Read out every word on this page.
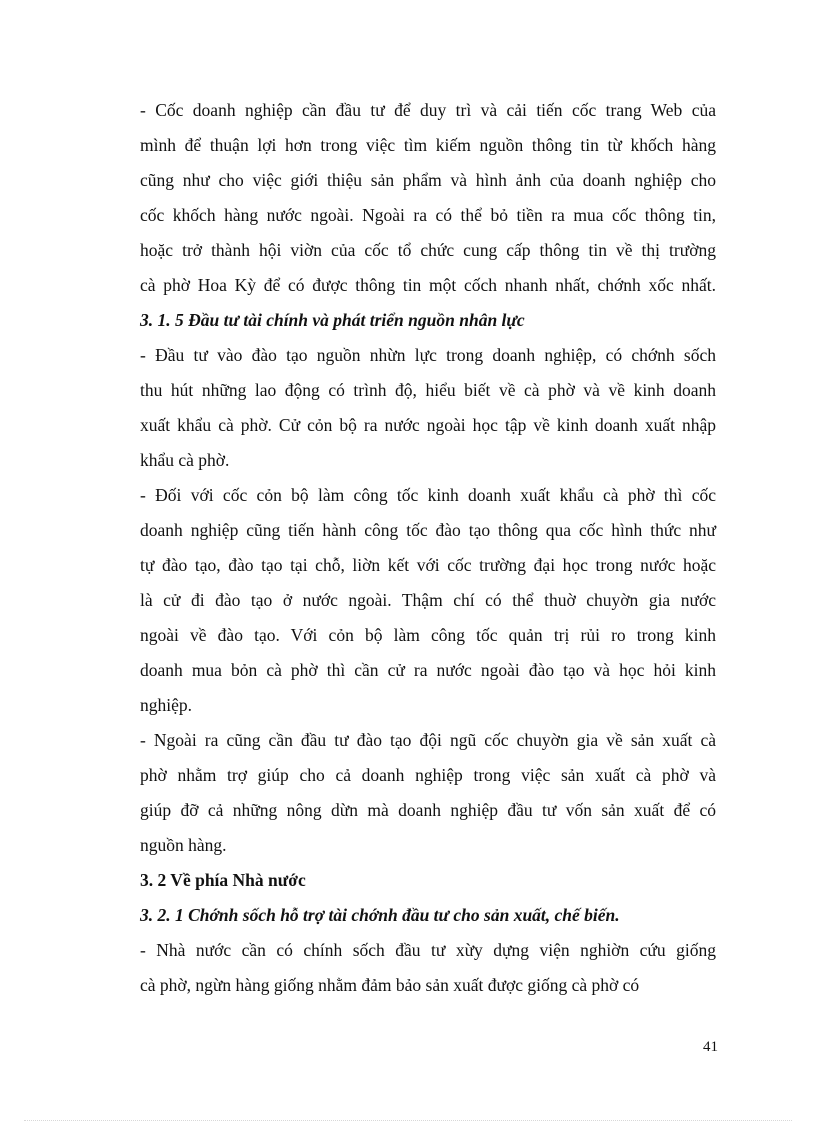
- Cốc doanh nghiệp cần đầu tư để duy trì và cải tiến cốc trang Web của
mình để thuận lợi hơn trong việc tìm kiếm nguồn thông tin từ khốch hàng
cũng như cho việc giới thiệu sản phẩm và hình ảnh của doanh nghiệp cho
cốc khốch hàng nước ngoài. Ngoài ra có thể bỏ tiền ra mua cốc thông tin,
hoặc trở thành hội viờn của cốc tổ chức cung cấp thông tin về thị trường
cà phờ Hoa Kỳ để có được thông tin một cốch nhanh nhất, chớnh xốc nhất.
3. 1. 5 Đầu tư tài chính và phát triển nguồn nhân lực
- Đầu tư vào đào tạo nguồn nhừn lực trong doanh nghiệp, có chớnh sốch
thu hút những lao động có trình độ, hiểu biết về cà phờ và về kinh doanh
xuất khẩu cà phờ. Cử cỏn bộ ra nước ngoài học tập về kinh doanh xuất nhập
khẩu cà phờ.
- Đối với cốc cỏn bộ làm công tốc kinh doanh xuất khẩu cà phờ thì cốc
doanh nghiệp cũng tiến hành công tốc đào tạo thông qua cốc hình thức như
tự đào tạo, đào tạo tại chỗ, liờn kết với cốc trường đại học trong nước hoặc
là cử đi đào tạo ở nước ngoài. Thậm chí có thể thuờ chuyờn gia nước
ngoài về đào tạo. Với cỏn bộ làm công tốc quản trị rủi ro trong kinh
doanh mua bỏn cà phờ thì cần cử ra nước ngoài đào tạo và học hỏi kinh
nghiệp.
- Ngoài ra cũng cần đầu tư đào tạo đội ngũ cốc chuyờn gia về sản xuất cà
phờ nhằm trợ giúp cho cả doanh nghiệp trong việc sản xuất cà phờ và
giúp đỡ cả những nông dừn mà doanh nghiệp đầu tư vốn sản xuất để có
nguồn hàng.
3. 2 Về phía Nhà nước
3. 2. 1 Chớnh sốch hỗ trợ tài chớnh đầu tư cho sản xuất, chế biến.
- Nhà nước cần có chính sốch đầu tư xừy dựng viện nghiờn cứu giống
cà phờ, ngừn hàng giống nhằm đảm bảo sản xuất được giống cà phờ có
41
